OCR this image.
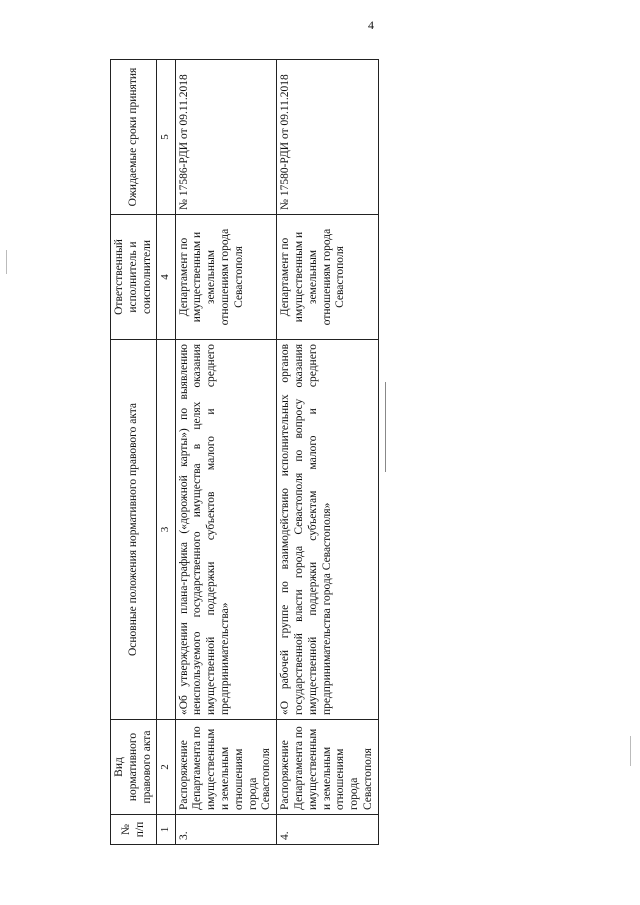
4
№ п/п	Вид нормативного правового акта	Основные положения нормативного правового акта	Ответственный исполнитель и соисполнители	Ожидаемые сроки принятия
1	2	3	4	5
3.	Распоряжение Департамента по имущественным и земельным отношениям города Севастополя	«Об утверждении плана-графика («дорожной карты») по выявлению неиспользуемого государственного имущества в целях оказания имущественной поддержки субъектов малого и среднего предпринимательства»	Департамент по имущественным и земельным отношениям города Севастополя	№ 17586-РДИ от 09.11.2018
4.	Распоряжение Департамента по имущественным и земельным отношениям города Севастополя	«О рабочей группе по взаимодействию исполнительных органов государственной власти города Севастополя по вопросу оказания имущественной поддержки субъектам малого и среднего предпринимательства города Севастополя»	Департамент по имущественным и земельным отношениям города Севастополя	№ 17580-РДИ от 09.11.2018
